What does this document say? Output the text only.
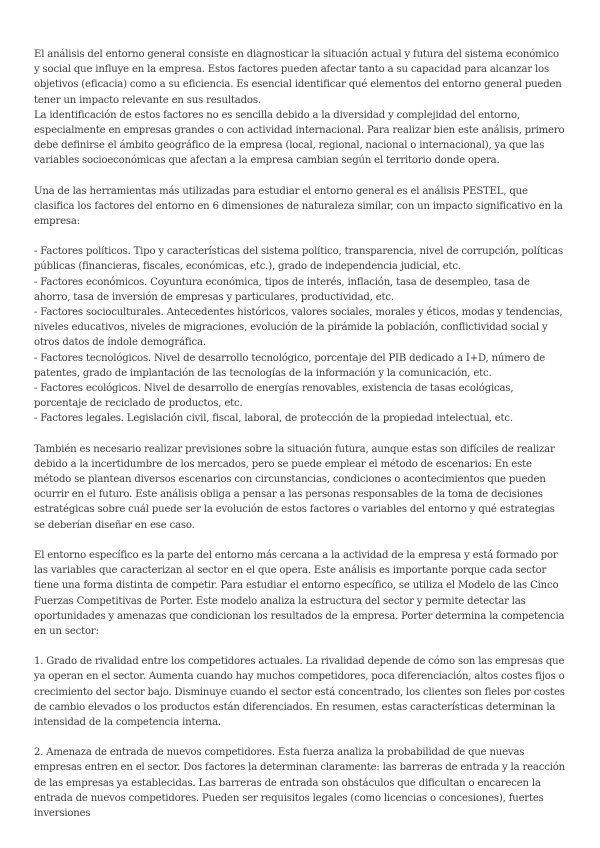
El análisis del entorno general consiste en diagnosticar la situación actual y futura del sistema económico y social que influye en la empresa. Estos factores pueden afectar tanto a su capacidad para alcanzar los objetivos (eficacia) como a su eficiencia. Es esencial identificar qué elementos del entorno general pueden tener un impacto relevante en sus resultados.

La identificación de estos factores no es sencilla debido a la diversidad y complejidad del entorno, especialmente en empresas grandes o con actividad internacional. Para realizar bien este análisis, primero debe definirse el ámbito geográfico de la empresa (local, regional, nacional o internacional), ya que las variables socioeconómicas que afectan a la empresa cambian según el territorio donde opera.

Una de las herramientas más utilizadas para estudiar el entorno general es el análisis PESTEL, que clasifica los factores del entorno en 6 dimensiones de naturaleza similar, con un impacto significativo en la empresa:

- Factores políticos. Tipo y características del sistema político, transparencia, nivel de corrupción, políticas públicas (financieras, fiscales, económicas, etc.), grado de independencia judicial, etc.

- Factores económicos. Coyuntura económica, tipos de interés, inflación, tasa de desempleo, tasa de ahorro, tasa de inversión de empresas y particulares, productividad, etc.

- Factores socioculturales. Antecedentes históricos, valores sociales, morales y éticos, modas y tendencias, niveles educativos, niveles de migraciones, evolución de la pirámide la población, conflictividad social y otros datos de índole demográfica.

- Factores tecnológicos. Nivel de desarrollo tecnológico, porcentaje del PIB dedicado a I+D, número de patentes, grado de implantación de las tecnologías de la información y la comunicación, etc.

- Factores ecológicos. Nivel de desarrollo de energías renovables, existencia de tasas ecológicas, porcentaje de reciclado de productos, etc.

- Factores legales. Legislación civil, fiscal, laboral, de protección de la propiedad intelectual, etc.

También es necesario realizar previsiones sobre la situación futura, aunque estas son difíciles de realizar debido a la incertidumbre de los mercados, pero se puede emplear el método de escenarios: En este método se plantean diversos escenarios con circunstancias, condiciones o acontecimientos que pueden ocurrir en el futuro. Este análisis obliga a pensar a las personas responsables de la toma de decisiones estratégicas sobre cuál puede ser la evolución de estos factores o variables del entorno y qué estrategias se deberían diseñar en ese caso.

El entorno específico es la parte del entorno más cercana a la actividad de la empresa y está formado por las variables que caracterizan al sector en el que opera. Este análisis es importante porque cada sector tiene una forma distinta de competir. Para estudiar el entorno específico, se utiliza el Modelo de las Cinco Fuerzas Competitivas de Porter. Este modelo analiza la estructura del sector y permite detectar las oportunidades y amenazas que condicionan los resultados de la empresa. Porter determina la competencia en un sector:

1. Grado de rivalidad entre los competidores actuales. La rivalidad depende de cómo son las empresas que ya operan en el sector. Aumenta cuando hay muchos competidores, poca diferenciación, altos costes fijos o crecimiento del sector bajo. Disminuye cuando el sector está concentrado, los clientes son fieles por costes de cambio elevados o los productos están diferenciados. En resumen, estas características determinan la intensidad de la competencia interna.

2. Amenaza de entrada de nuevos competidores. Esta fuerza analiza la probabilidad de que nuevas empresas entren en el sector. Dos factores la determinan claramente: las barreras de entrada y la reacción de las empresas ya establecidas. Las barreras de entrada son obstáculos que dificultan o encarecen la entrada de nuevos competidores. Pueden ser requisitos legales (como licencias o concesiones), fuertes inversiones
